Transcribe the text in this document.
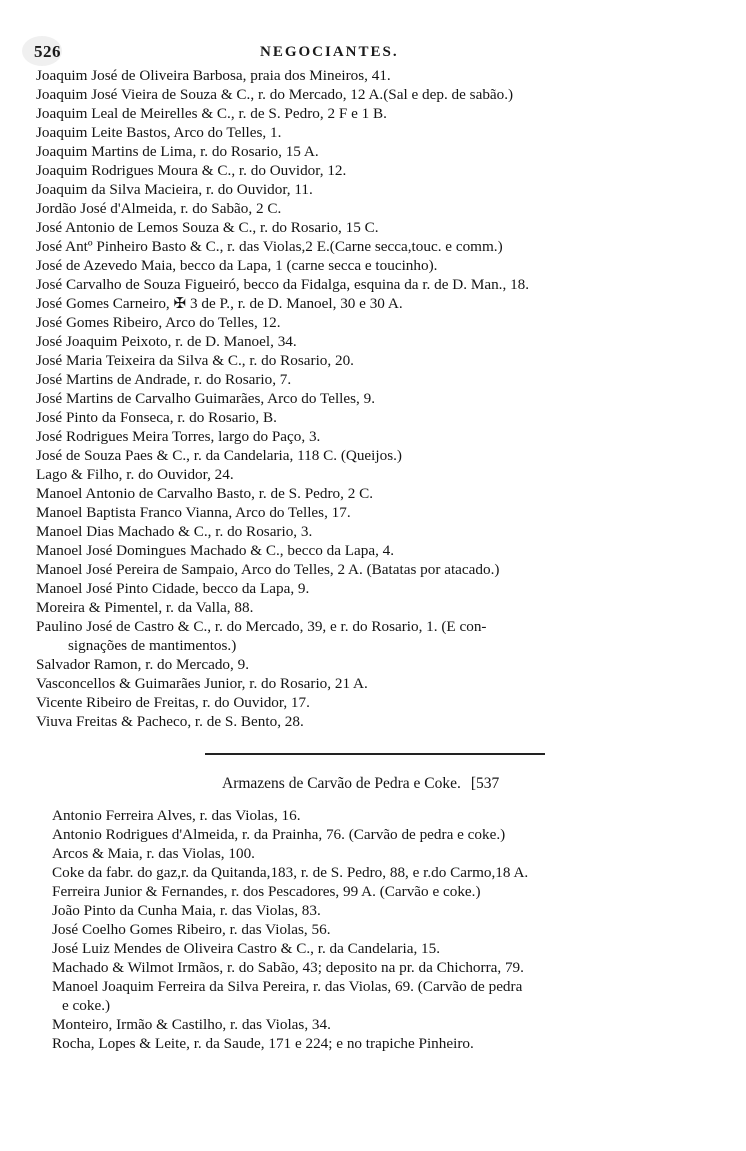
526	NEGOCIANTES.
Joaquim José de Oliveira Barbosa, praia dos Mineiros, 41.
Joaquim José Vieira de Souza & C., r. do Mercado, 12 A.(Sal e dep. de sabão.)
Joaquim Leal de Meirelles & C., r. de S. Pedro, 2 F e 1 B.
Joaquim Leite Bastos, Arco do Telles, 1.
Joaquim Martins de Lima, r. do Rosario, 15 A.
Joaquim Rodrigues Moura & C., r. do Ouvidor, 12.
Joaquim da Silva Macieira, r. do Ouvidor, 11.
Jordão José d'Almeida, r. do Sabão, 2 C.
José Antonio de Lemos Souza & C., r. do Rosario, 15 C.
José Antº Pinheiro Basto & C., r. das Violas,2 E.(Carne secca,touc. e comm.)
José de Azevedo Maia, becco da Lapa, 1 (carne secca e toucinho).
José Carvalho de Souza Figueiró, becco da Fidalga, esquina da r. de D. Man., 18.
José Gomes Carneiro, ✠ 3 de P., r. de D. Manoel, 30 e 30 A.
José Gomes Ribeiro, Arco do Telles, 12.
José Joaquim Peixoto, r. de D. Manoel, 34.
José Maria Teixeira da Silva & C., r. do Rosario, 20.
José Martins de Andrade, r. do Rosario, 7.
José Martins de Carvalho Guimarães, Arco do Telles, 9.
José Pinto da Fonseca, r. do Rosario, B.
José Rodrigues Meira Torres, largo do Paço, 3.
José de Souza Paes & C., r. da Candelaria, 118 C. (Queijos.)
Lago & Filho, r. do Ouvidor, 24.
Manoel Antonio de Carvalho Basto, r. de S. Pedro, 2 C.
Manoel Baptista Franco Vianna, Arco do Telles, 17.
Manoel Dias Machado & C., r. do Rosario, 3.
Manoel José Domingues Machado & C., becco da Lapa, 4.
Manoel José Pereira de Sampaio, Arco do Telles, 2 A. (Batatas por atacado.)
Manoel José Pinto Cidade, becco da Lapa, 9.
Moreira & Pimentel, r. da Valla, 88.
Paulino José de Castro & C., r. do Mercado, 39, e r. do Rosario, 1. (E con-
signações de mantimentos.)
Salvador Ramon, r. do Mercado, 9.
Vasconcellos & Guimarães Junior, r. do Rosario, 21 A.
Vicente Ribeiro de Freitas, r. do Ouvidor, 17.
Viuva Freitas & Pacheco, r. de S. Bento, 28.
Armazens de Carvão de Pedra e Coke. [537
Antonio Ferreira Alves, r. das Violas, 16.
Antonio Rodrigues d'Almeida, r. da Prainha, 76. (Carvão de pedra e coke.)
Arcos & Maia, r. das Violas, 100.
Coke da fabr. do gaz,r. da Quitanda,183, r. de S. Pedro, 88, e r.do Carmo,18 A.
Ferreira Junior & Fernandes, r. dos Pescadores, 99 A. (Carvão e coke.)
João Pinto da Cunha Maia, r. das Violas, 83.
José Coelho Gomes Ribeiro, r. das Violas, 56.
José Luiz Mendes de Oliveira Castro & C., r. da Candelaria, 15.
Machado & Wilmot Irmãos, r. do Sabão, 43; deposito na pr. da Chichorra, 79.
Manoel Joaquim Ferreira da Silva Pereira, r. das Violas, 69. (Carvão de pedra
e coke.)
Monteiro, Irmão & Castilho, r. das Violas, 34.
Rocha, Lopes & Leite, r. da Saude, 171 e 224; e no trapiche Pinheiro.
